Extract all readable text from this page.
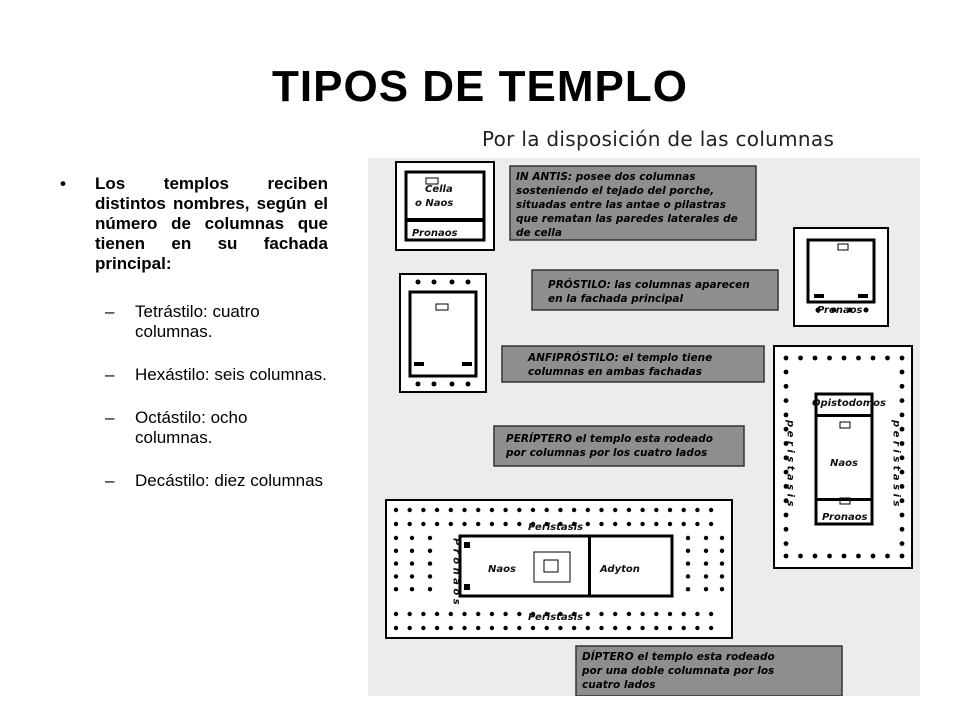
TIPOS DE TEMPLO
Por la disposición de las columnas
• Los templos reciben distintos nombres, según el número de columnas que tienen en su fachada principal:
– Tetrástilo: cuatro columnas.
– Hexástilo: seis columnas.
– Octástilo: ocho columnas.
– Decástilo: diez columnas
Cella
o Naos
Pronaos
IN ANTIS: posee dos columnas
sosteniendo el tejado del porche,
situadas entre las antae o pilastras
que rematan las paredes laterales de
de cella
Pronaos
PRÓSTILO: las columnas aparecen
en la fachada principal
ANFIPRÓSTILO: el templo tiene
columnas en ambas fachadas
Opistodomos
Naos
Pronaos
p e r i s t a s i s	p e r i s t a s i s
PERÍPTERO el templo esta rodeado
por columnas por los cuatro lados
Peristasis
Peristasis
Naos	Adyton
P r o n a o s
DÍPTERO el templo esta rodeado
por una doble columnata por los
cuatro lados
